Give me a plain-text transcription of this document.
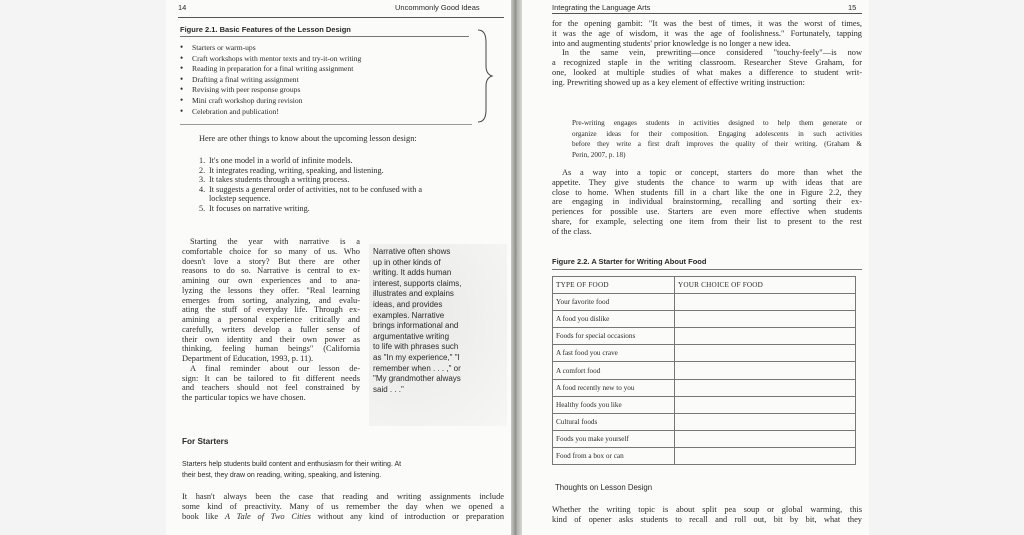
14	Uncommonly Good Ideas
Figure 2.1. Basic Features of the Lesson Design
• Starters or warm-ups
• Craft workshops with mentor texts and try-it-on writing
• Reading in preparation for a final writing assignment
• Drafting a final writing assignment
• Revising with peer response groups
• Mini craft workshop during revision
• Celebration and publication!
Here are other things to know about the upcoming lesson design:
1. It's one model in a world of infinite models.
2. It integrates reading, writing, speaking, and listening.
3. It takes students through a writing process.
4. It suggests a general order of activities, not to be confused with a
lockstep sequence.
5. It focuses on narrative writing.
Starting the year with narrative is a
comfortable choice for so many of us. Who
doesn't love a story? But there are other
reasons to do so. Narrative is central to ex-
amining our own experiences and to ana-
lyzing the lessons they offer. "Real learning
emerges from sorting, analyzing, and evalu-
ating the stuff of everyday life. Through ex-
amining a personal experience critically and
carefully, writers develop a fuller sense of
their own identity and their own power as
thinking, feeling human beings" (California
Department of Education, 1993, p. 11).
A final reminder about our lesson de-
sign: It can be tailored to fit different needs
and teachers should not feel constrained by
the particular topics we have chosen.
Narrative often shows
up in other kinds of
writing. It adds human
interest, supports claims,
illustrates and explains
ideas, and provides
examples. Narrative
brings informational and
argumentative writing
to life with phrases such
as "In my experience," "I
remember when . . . ," or
"My grandmother always
said . . ."
For Starters
Starters help students build content and enthusiasm for their writing. At
their best, they draw on reading, writing, speaking, and listening.
It hasn't always been the case that reading and writing assignments include
some kind of preactivity. Many of us remember the day when we opened a
book like A Tale of Two Cities without any kind of introduction or preparation
Integrating the Language Arts	15
for the opening gambit: "It was the best of times, it was the worst of times,
it was the age of wisdom, it was the age of foolishness." Fortunately, tapping
into and augmenting students' prior knowledge is no longer a new idea.
In the same vein, prewriting—once considered "touchy-feely"—is now
a recognized staple in the writing classroom. Researcher Steve Graham, for
one, looked at multiple studies of what makes a difference to student writ-
ing. Prewriting showed up as a key element of effective writing instruction:
Pre-writing engages students in activities designed to help them generate or
organize ideas for their composition. Engaging adolescents in such activities
before they write a first draft improves the quality of their writing. (Graham &
Perin, 2007, p. 18)
As a way into a topic or concept, starters do more than whet the
appetite. They give students the chance to warm up with ideas that are
close to home. When students fill in a chart like the one in Figure 2.2, they
are engaging in individual brainstorming, recalling and sorting their ex-
periences for possible use. Starters are even more effective when students
share, for example, selecting one item from their list to present to the rest
of the class.
Figure 2.2. A Starter for Writing About Food
TYPE OF FOOD	YOUR CHOICE OF FOOD
Your favorite food	
A food you dislike	
Foods for special occasions	
A fast food you crave	
A comfort food	
A food recently new to you	
Healthy foods you like	
Cultural foods	
Foods you make yourself	
Food from a box or can	
Thoughts on Lesson Design
Whether the writing topic is about split pea soup or global warming, this
kind of opener asks students to recall and roll out, bit by bit, what they
